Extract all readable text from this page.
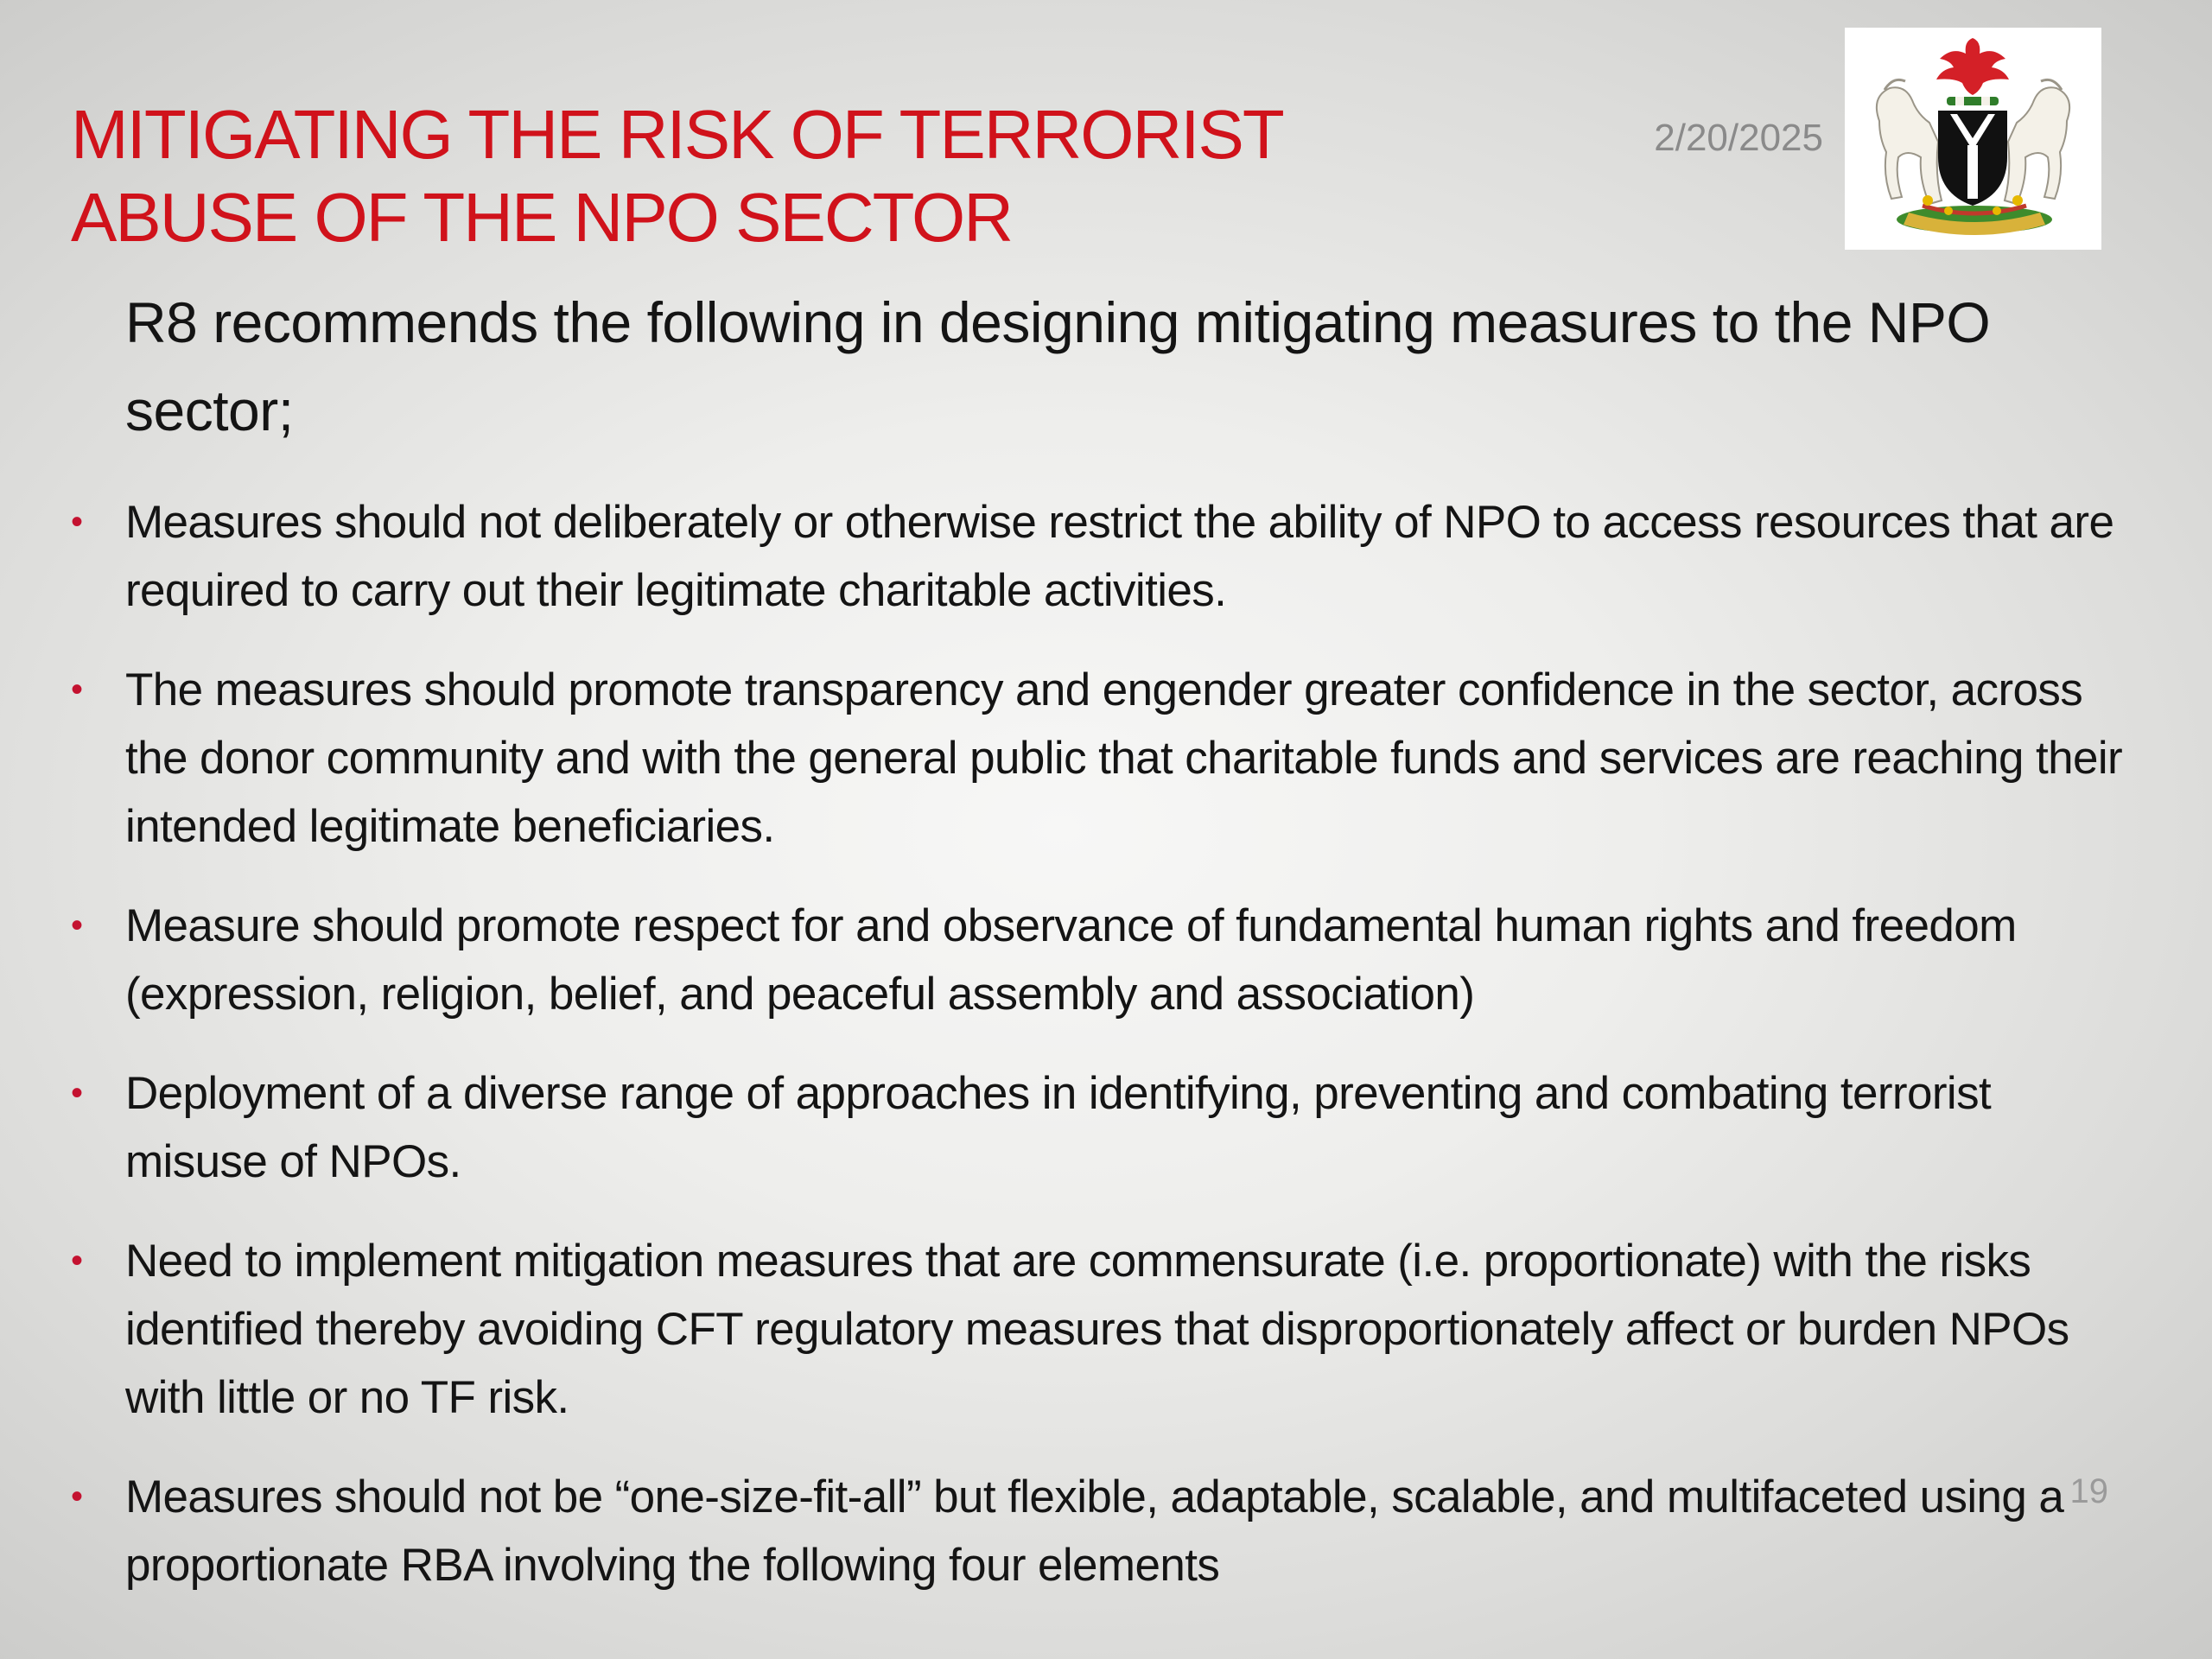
MITIGATING THE RISK OF TERRORIST
ABUSE OF THE NPO SECTOR
2/20/2025

R8 recommends the following in designing mitigating measures to the NPO sector;

• Measures should not deliberately or otherwise restrict the ability of NPO to access resources that are required to carry out their legitimate charitable activities.
• The measures should promote transparency and engender greater confidence in the sector, across the donor community and with the general public that charitable funds and services are reaching their intended legitimate beneficiaries.
• Measure should promote respect for and observance of fundamental human rights and freedom (expression, religion, belief, and peaceful assembly and association)
• Deployment of a diverse range of approaches in identifying, preventing and combating terrorist misuse of NPOs.
• Need to implement mitigation measures that are commensurate (i.e. proportionate) with the risks identified thereby avoiding CFT regulatory measures that disproportionately affect or burden NPOs with little or no TF risk.
• Measures should not be “one-size-fit-all” but flexible, adaptable, scalable, and multifaceted using a proportionate RBA involving the following four elements
19
